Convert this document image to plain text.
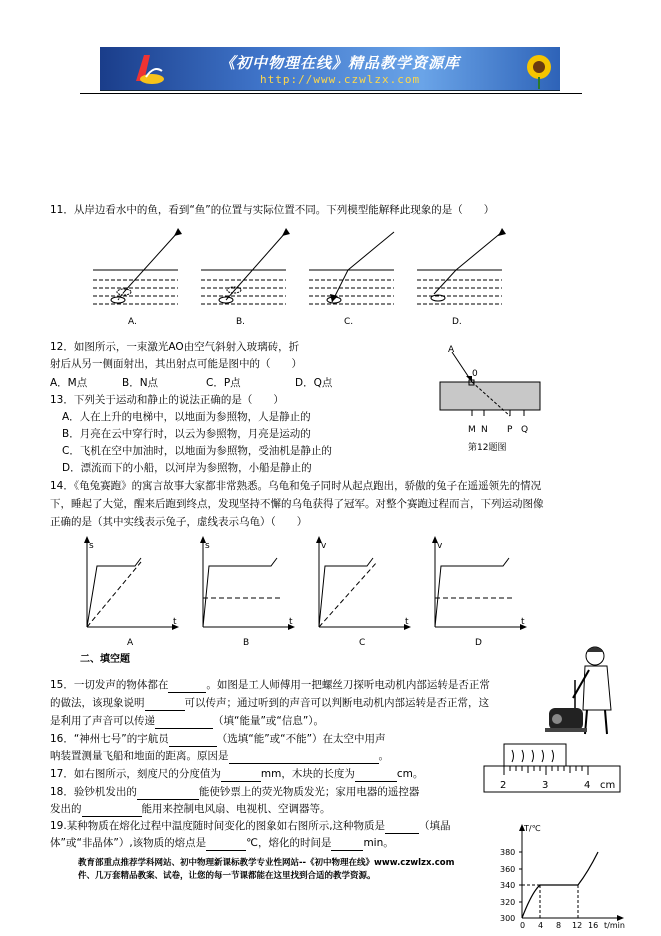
《初中物理在线》精品教学资源库
http://www.czwlzx.com
11．从岸边看水中的鱼，看到“鱼”的位置与实际位置不同。下列模型能解释此现象的是（　　）
A.	B.	C.	D.
12．如图所示，一束激光AO由空气斜射入玻璃砖，折
射后从另一侧面射出，其出射点可能是图中的（　　）
A．M点	B．N点	C．P点	D．Q点
A
0
M N P Q
第12题图
13．下列关于运动和静止的说法正确的是（　　）
A．人在上升的电梯中，以地面为参照物，人是静止的
B．月亮在云中穿行时，以云为参照物，月亮是运动的
C．飞机在空中加油时，以地面为参照物，受油机是静止的
D．漂流而下的小船，以河岸为参照物，小船是静止的
14．《龟兔赛跑》的寓言故事大家都非常熟悉。乌龟和兔子同时从起点跑出，骄傲的兔子在遥遥领先的情况
下，睡起了大觉，醒来后跑到终点，发现坚持不懈的乌龟获得了冠军。对整个赛跑过程而言，下列运动图像
正确的是（其中实线表示兔子，虚线表示乌龟）（　　）
s
t
A
s
t
B
v
t
C
v
t
D
二、填空题
15．一切发声的物体都在	。如图是工人师傅用一把螺丝刀探听电动机内部运转是否正常
的做法，该现象说明	可以传声；通过听到的声音可以判断电动机内部运转是否正常，这
是利用了声音可以传递	（填“能量”或“信息”）。
16．“神州七号”的宇航员	（选填“能”或“不能”）在太空中用声
呐装置测量飞船和地面的距离。原因是	。
2	3	4 cm
17．如右图所示，刻度尺的分度值为	mm，木块的长度为	cm。
18．验钞机发出的	能使钞票上的荧光物质发光；家用电器的遥控器
发出的	能用来控制电风扇、电视机、空调器等。
19.某种物质在熔化过程中温度随时间变化的图象如右图所示,这种物质是	（填晶
体”或“非晶体”）,该物质的熔点是	℃，熔化的时间是	min。
教育部重点推荐学科网站、初中物理新课标教学专业性网站--《初中物理在线》www.czwlzx.com
件、几万套精品教案、试卷，让您的每一节课都能在这里找到合适的教学资源。
T/℃
300
320
340
360
380
0 4 8 12 16 t/min
